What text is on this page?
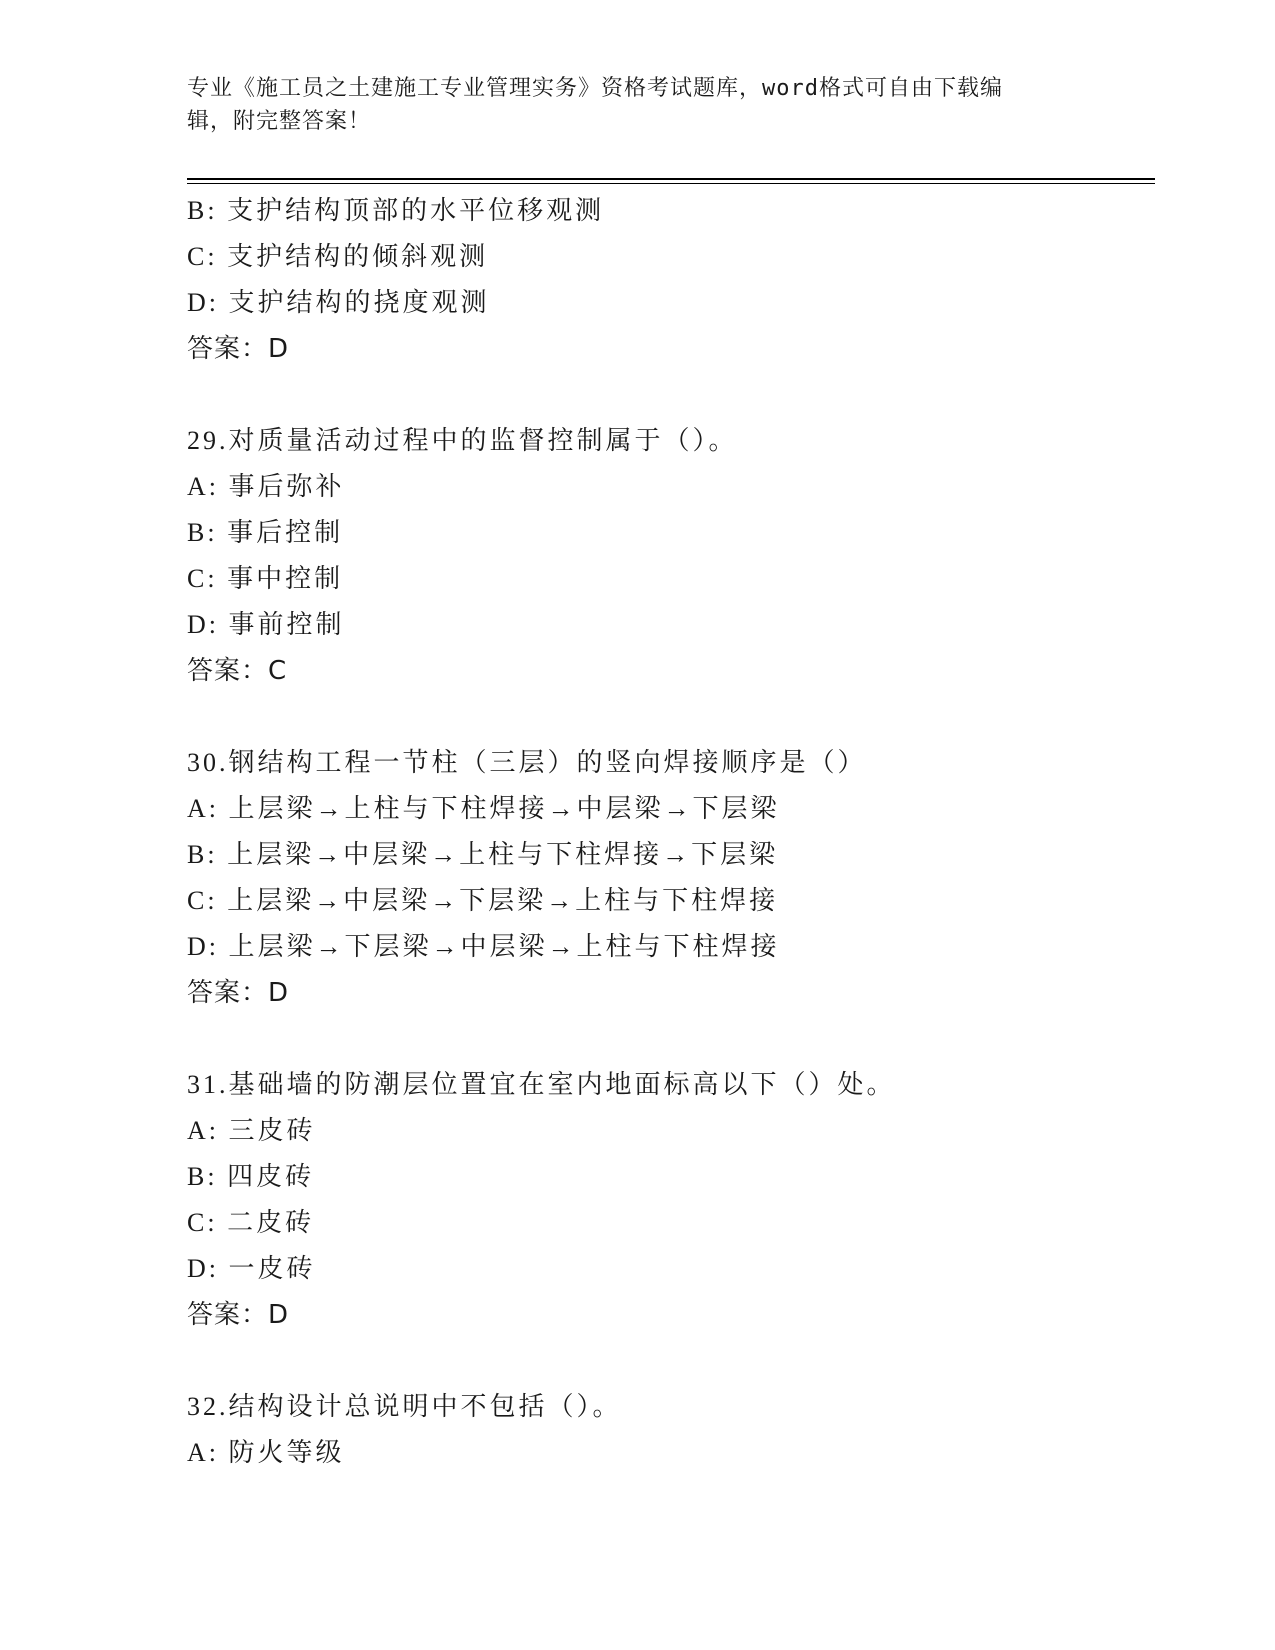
专业《施工员之土建施工专业管理实务》资格考试题库，word格式可自由下载编
辑，附完整答案！
B: 支护结构顶部的水平位移观测
C: 支护结构的倾斜观测
D: 支护结构的挠度观测
答案：D
29.对质量活动过程中的监督控制属于（）。
A: 事后弥补
B: 事后控制
C: 事中控制
D: 事前控制
答案：C
30.钢结构工程一节柱（三层）的竖向焊接顺序是（）
A: 上层梁→上柱与下柱焊接→中层梁→下层梁
B: 上层梁→中层梁→上柱与下柱焊接→下层梁
C: 上层梁→中层梁→下层梁→上柱与下柱焊接
D: 上层梁→下层梁→中层梁→上柱与下柱焊接
答案：D
31.基础墙的防潮层位置宜在室内地面标高以下（）处。
A: 三皮砖
B: 四皮砖
C: 二皮砖
D: 一皮砖
答案：D
32.结构设计总说明中不包括（）。
A: 防火等级
